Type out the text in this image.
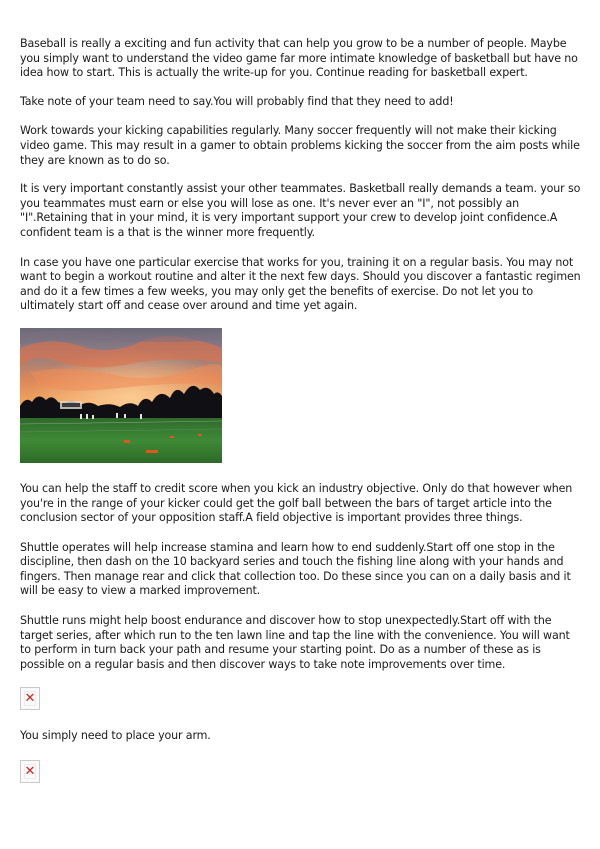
Baseball is really a exciting and fun activity that can help you grow to be a number of people. Maybe you simply want to understand the video game far more intimate knowledge of basketball but have no idea how to start. This is actually the write-up for you. Continue reading for basketball expert.

Take note of your team need to say.You will probably find that they need to add!

Work towards your kicking capabilities regularly. Many soccer frequently will not make their kicking video game. This may result in a gamer to obtain problems kicking the soccer from the aim posts while they are known as to do so.

It is very important constantly assist your other teammates. Basketball really demands a team. your so you teammates must earn or else you will lose as one. It's never ever an "I", not possibly an "I".Retaining that in your mind, it is very important support your crew to develop joint confidence.A confident team is a that is the winner more frequently.

In case you have one particular exercise that works for you, training it on a regular basis. You may not want to begin a workout routine and alter it the next few days. Should you discover a fantastic regimen and do it a few times a few weeks, you may only get the benefits of exercise. Do not let you to ultimately start off and cease over around and time yet again.

You can help the staff to credit score when you kick an industry objective. Only do that however when you're in the range of your kicker could get the golf ball between the bars of target article into the conclusion sector of your opposition staff.A field objective is important provides three things.

Shuttle operates will help increase stamina and learn how to end suddenly.Start off one stop in the discipline, then dash on the 10 backyard series and touch the fishing line along with your hands and fingers. Then manage rear and click that collection too. Do these since you can on a daily basis and it will be easy to view a marked improvement.

Shuttle runs might help boost endurance and discover how to stop unexpectedly.Start off with the target series, after which run to the ten lawn line and tap the line with the convenience. You will want to perform in turn back your path and resume your starting point. Do as a number of these as is possible on a regular basis and then discover ways to take note improvements over time.

✕

You simply need to place your arm.

✕
